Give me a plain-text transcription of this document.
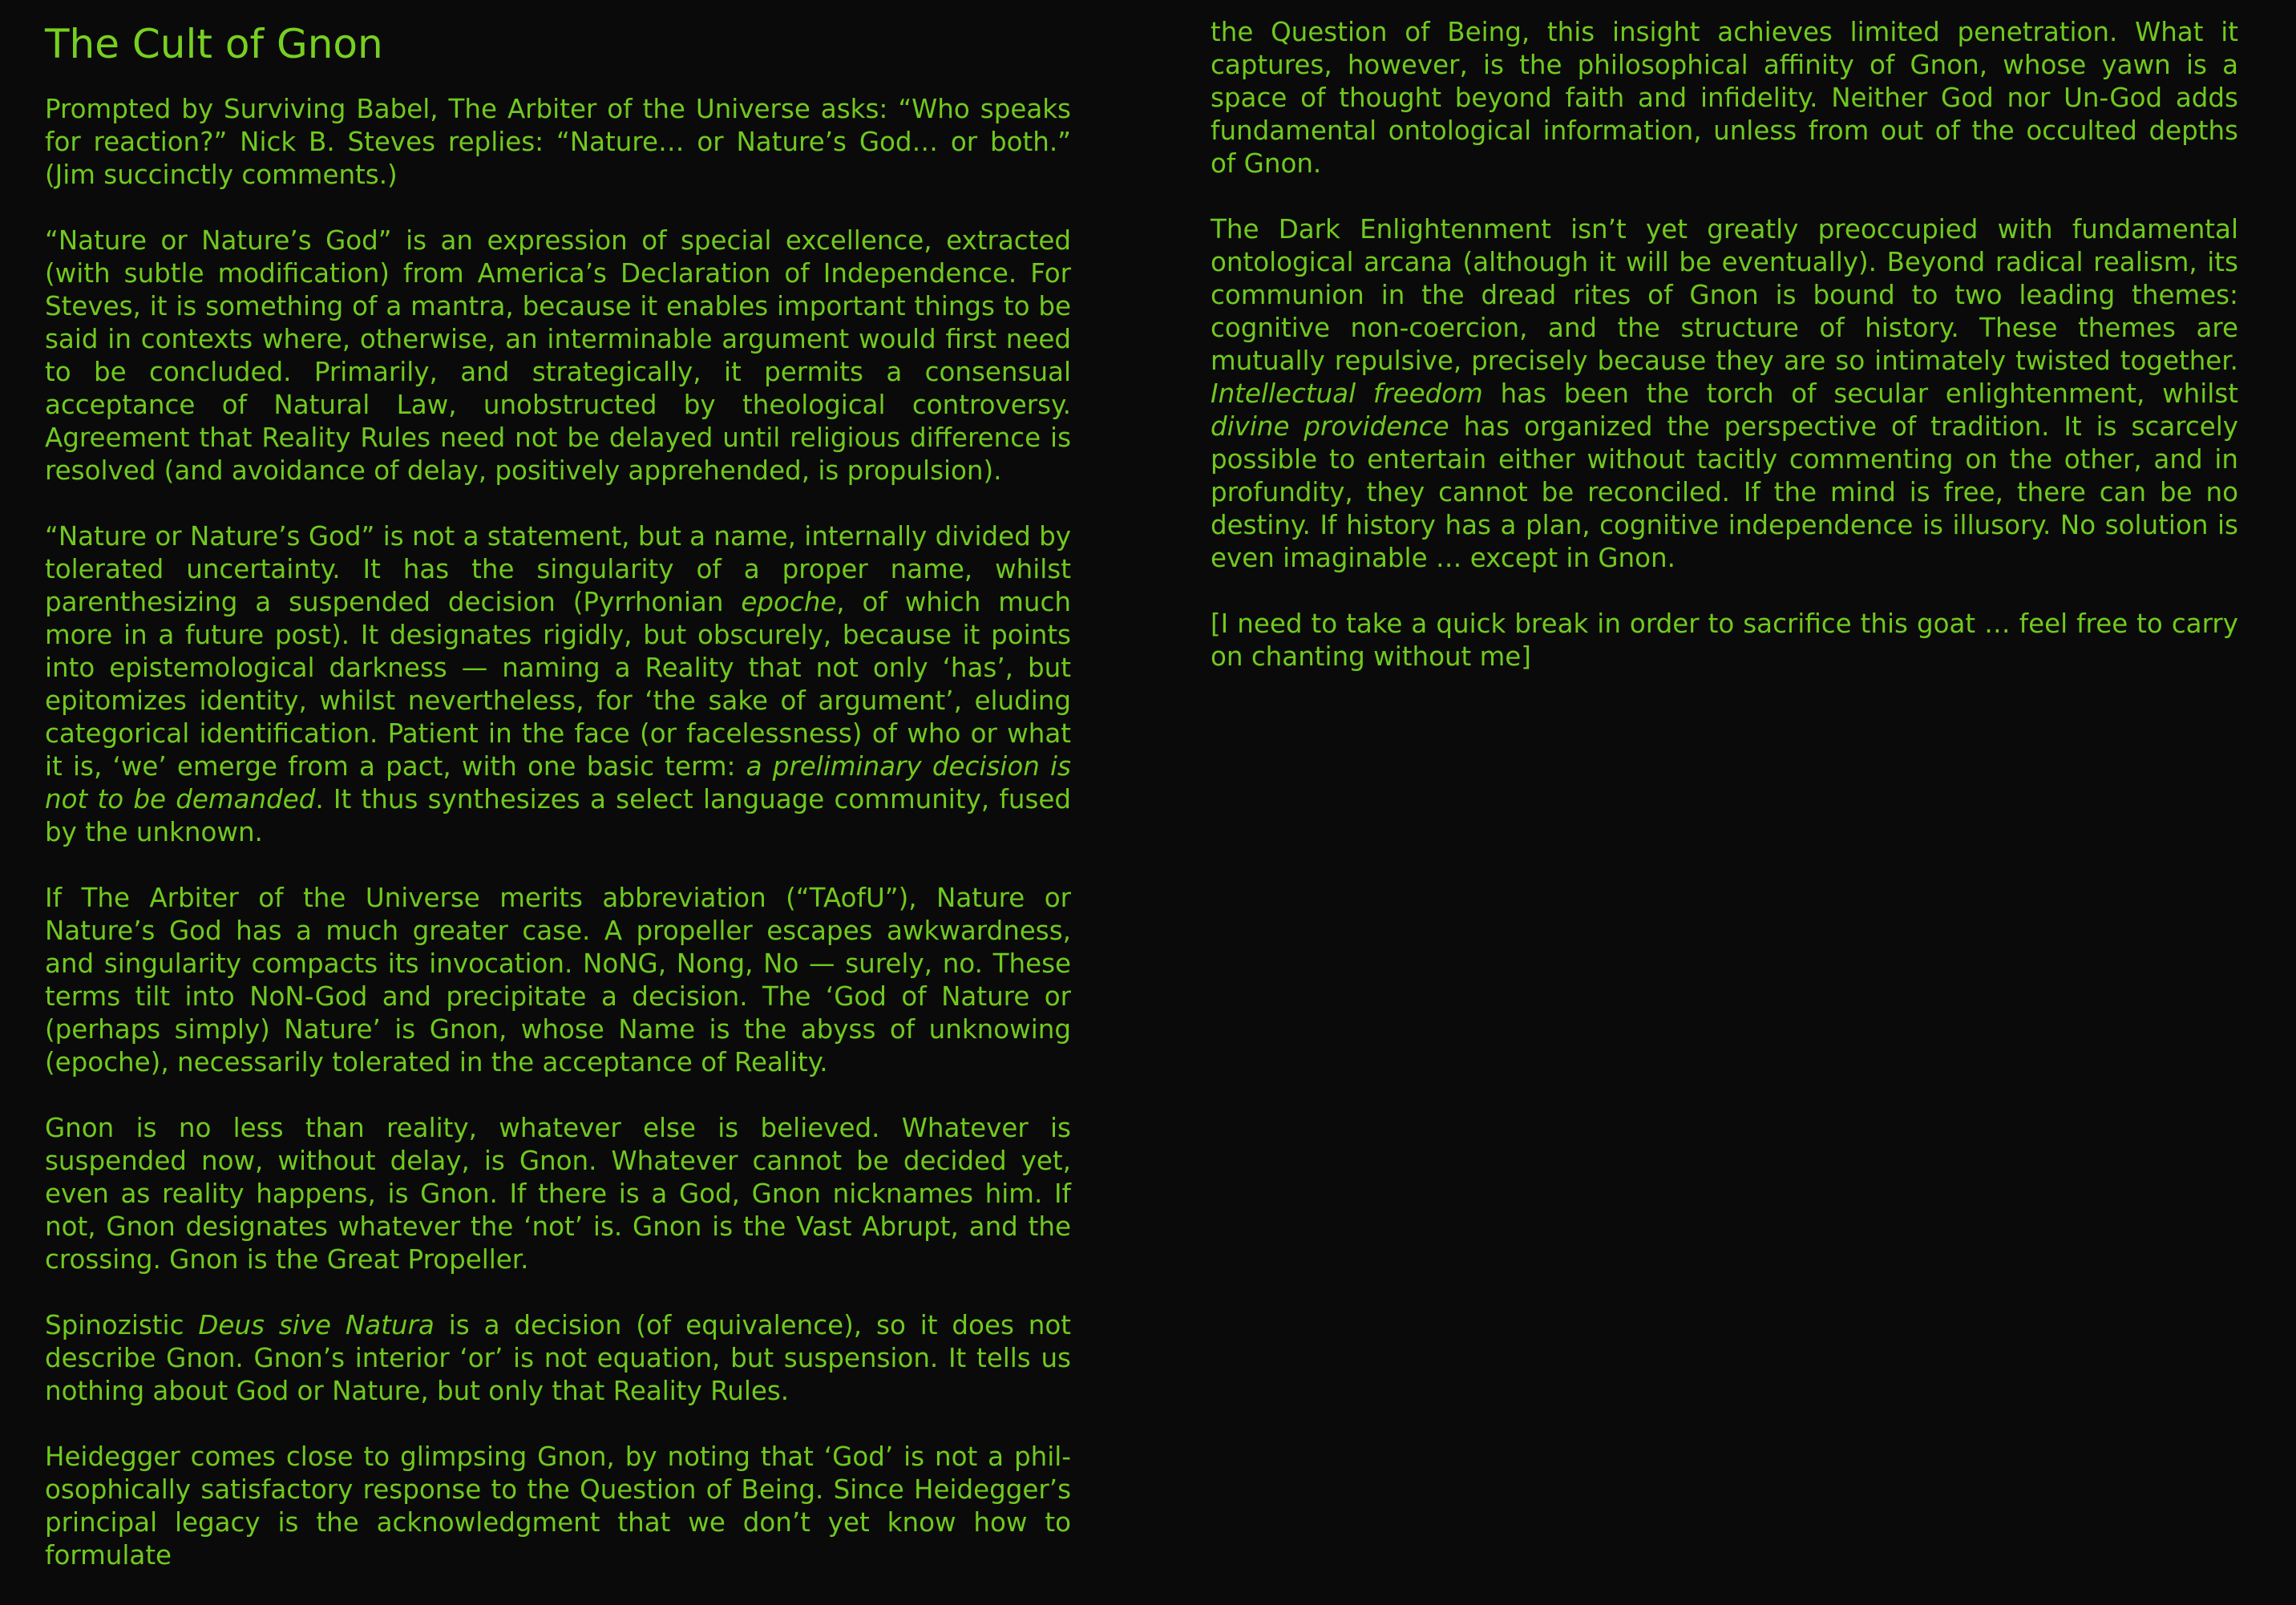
The Cult of Gnon

Prompted by Surviving Babel, The Arbiter of the Universe asks: “Who speaks for reaction?” Nick B. Steves replies: “Nature… or Nature’s God… or both.” (Jim succinctly comments.)

“Nature or Nature’s God” is an expression of special excellence, extracted (with subtle modification) from America’s Declaration of Independence. For Steves, it is something of a mantra, because it enables important things to be said in contexts where, otherwise, an interminable argument would first need to be concluded. Primarily, and strategically, it permits a consensual acceptance of Natural Law, unobstructed by theological controversy. Agreement that Reality Rules need not be delayed until religious difference is resolved (and avoidance of delay, positively apprehended, is propulsion).

“Nature or Nature’s God” is not a statement, but a name, internally divided by tolerated uncertainty. It has the singularity of a proper name, whilst parenthesizing a suspended decision (Pyrrhonian epoche, of which much more in a future post). It designates rigidly, but obscurely, because it points into epistemological darkness — naming a Reality that not only ‘has’, but epitomizes identity, whilst nevertheless, for ‘the sake of argument’, eluding categorical identification. Patient in the face (or facelessness) of who or what it is, ‘we’ emerge from a pact, with one basic term: a preliminary decision is not to be demanded. It thus synthesizes a select language community, fused by the unknown.

If The Arbiter of the Universe merits abbreviation (“TAofU”), Nature or Nature’s God has a much greater case. A propeller escapes awkwardness, and singularity compacts its invocation. NoNG, Nong, No — surely, no. These terms tilt into NoN-God and precipitate a decision. The ‘God of Nature or (perhaps simply) Nature’ is Gnon, whose Name is the abyss of unknowing (epoche), necessarily tolerated in the acceptance of Reality.

Gnon is no less than reality, whatever else is believed. Whatever is suspended now, without delay, is Gnon. Whatever cannot be decided yet, even as reality happens, is Gnon. If there is a God, Gnon nicknames him. If not, Gnon designates whatever the ‘not’ is. Gnon is the Vast Abrupt, and the crossing. Gnon is the Great Propeller.

Spinozistic Deus sive Natura is a decision (of equivalence), so it does not describe Gnon. Gnon’s interior ‘or’ is not equation, but suspension. It tells us nothing about God or Nature, but only that Reality Rules.

Heidegger comes close to glimpsing Gnon, by noting that ‘God’ is not a philosophically satisfactory response to the Question of Being. Since Heidegger’s principal legacy is the acknowledgment that we don’t yet know how to formulate

the Question of Being, this insight achieves limited penetration. What it captures, however, is the philosophical affinity of Gnon, whose yawn is a space of thought beyond faith and infidelity. Neither God nor Un-God adds fundamental ontological information, unless from out of the occulted depths of Gnon.

The Dark Enlightenment isn’t yet greatly preoccupied with fundamental ontological arcana (although it will be eventually). Beyond radical realism, its communion in the dread rites of Gnon is bound to two leading themes: cognitive non-coercion, and the structure of history. These themes are mutually repulsive, precisely because they are so intimately twisted together. Intellectual freedom has been the torch of secular enlightenment, whilst divine providence has organized the perspective of tradition. It is scarcely possible to entertain either without tacitly commenting on the other, and in profundity, they cannot be reconciled. If the mind is free, there can be no destiny. If history has a plan, cognitive independence is illusory. No solution is even imaginable … except in Gnon.

[I need to take a quick break in order to sacrifice this goat … feel free to carry on chanting without me]
